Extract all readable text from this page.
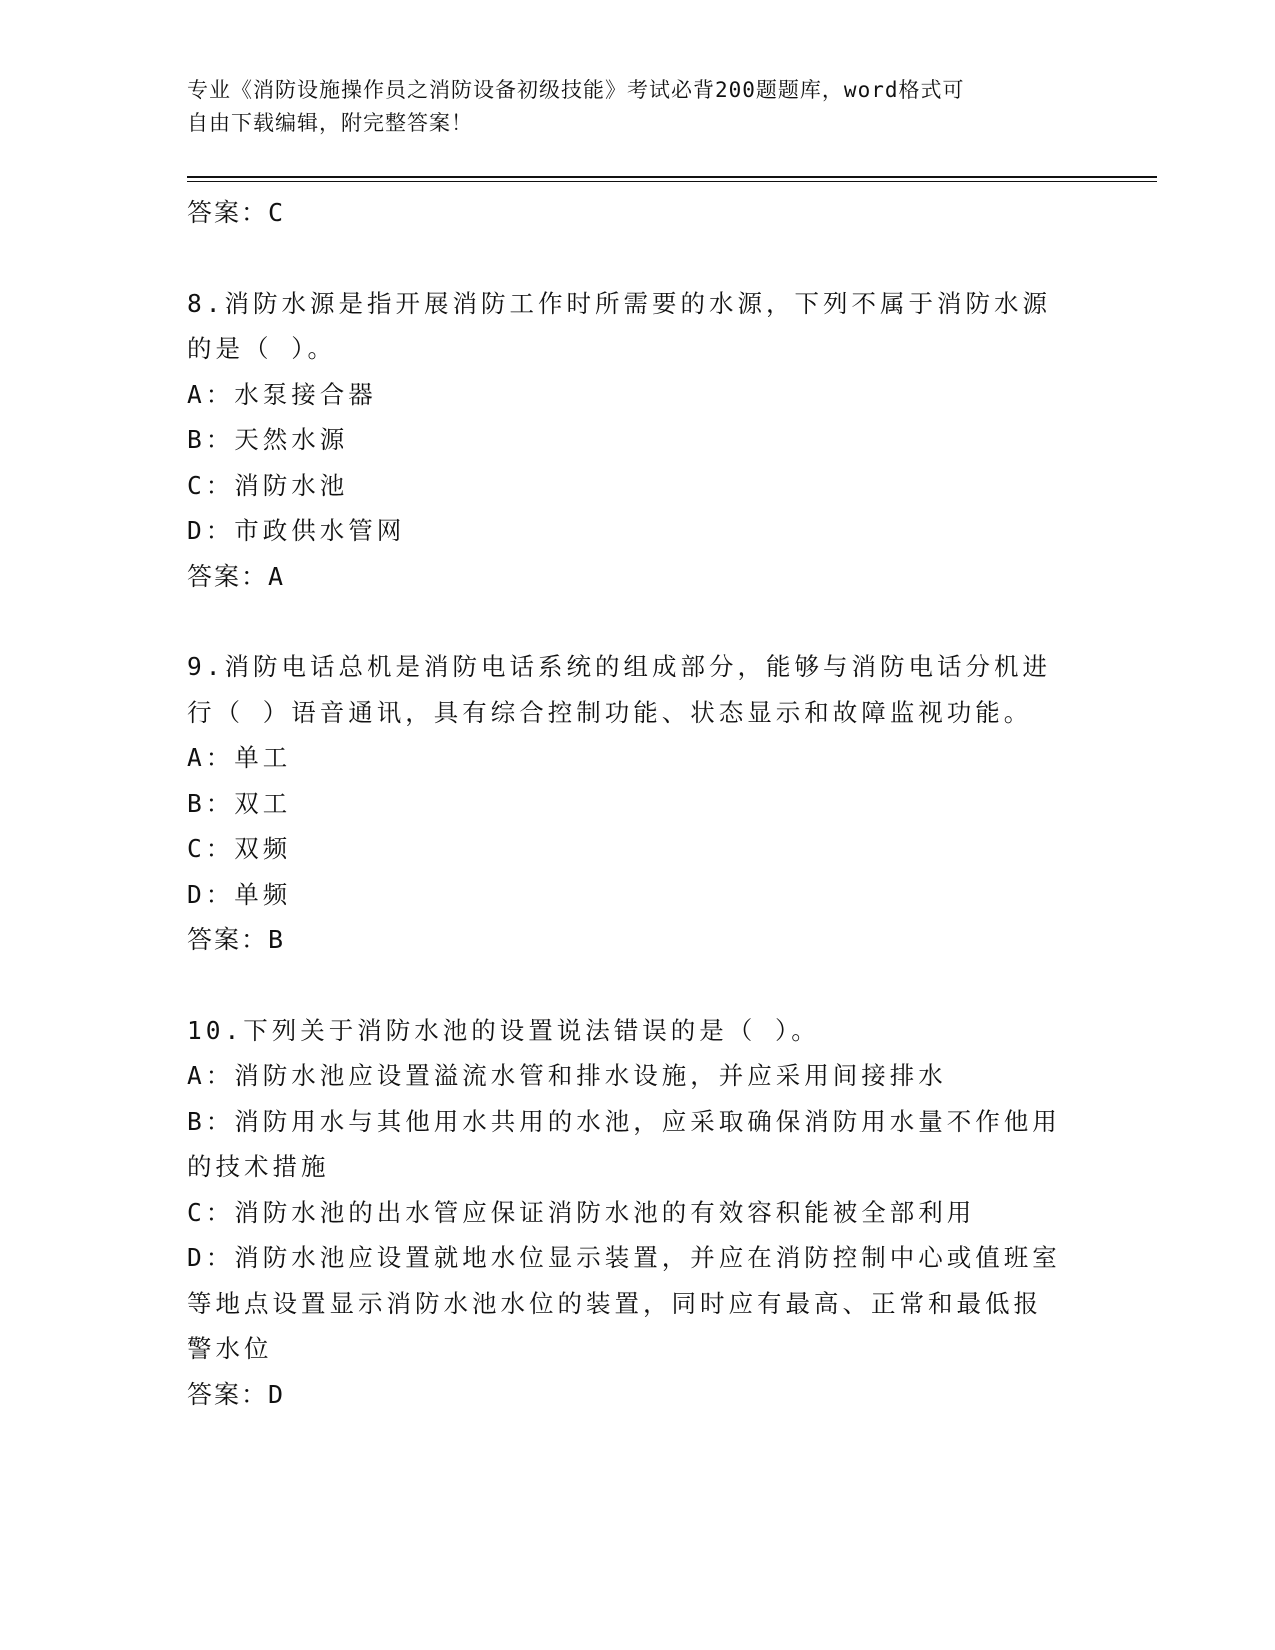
专业《消防设施操作员之消防设备初级技能》考试必背200题题库，word格式可
自由下载编辑，附完整答案！
答案：C
8.消防水源是指开展消防工作时所需要的水源，下列不属于消防水源
的是（ ）。
A：水泵接合器
B：天然水源
C：消防水池
D：市政供水管网
答案：A
9.消防电话总机是消防电话系统的组成部分，能够与消防电话分机进
行（ ）语音通讯，具有综合控制功能、状态显示和故障监视功能。
A：单工
B：双工
C：双频
D：单频
答案：B
10.下列关于消防水池的设置说法错误的是（ ）。
A：消防水池应设置溢流水管和排水设施，并应采用间接排水
B：消防用水与其他用水共用的水池，应采取确保消防用水量不作他用
的技术措施
C：消防水池的出水管应保证消防水池的有效容积能被全部利用
D：消防水池应设置就地水位显示装置，并应在消防控制中心或值班室
等地点设置显示消防水池水位的装置，同时应有最高、正常和最低报
警水位
答案：D
